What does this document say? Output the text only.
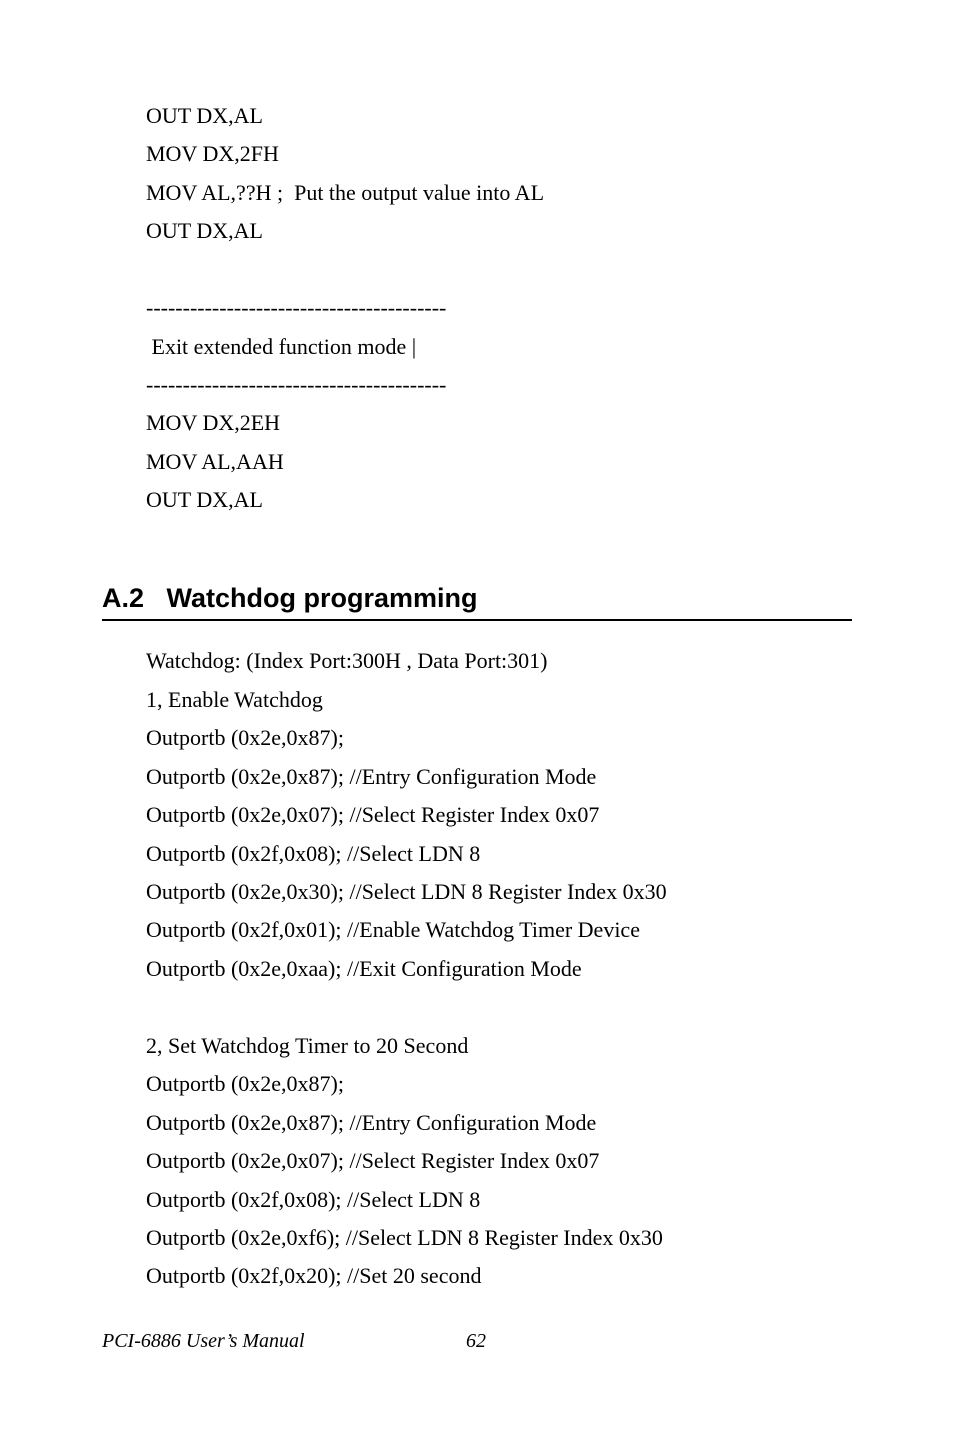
OUT DX,AL
MOV DX,2FH
MOV AL,??H ;  Put the output value into AL
OUT DX,AL
-----------------------------------------
Exit extended function mode |
-----------------------------------------
MOV DX,2EH
MOV AL,AAH
OUT DX,AL
A.2 Watchdog programming
Watchdog: (Index Port:300H , Data Port:301)
1, Enable Watchdog
Outportb (0x2e,0x87);
Outportb (0x2e,0x87); //Entry Configuration Mode
Outportb (0x2e,0x07); //Select Register Index 0x07
Outportb (0x2f,0x08); //Select LDN 8
Outportb (0x2e,0x30); //Select LDN 8 Register Index 0x30
Outportb (0x2f,0x01); //Enable Watchdog Timer Device
Outportb (0x2e,0xaa); //Exit Configuration Mode
2, Set Watchdog Timer to 20 Second
Outportb (0x2e,0x87);
Outportb (0x2e,0x87); //Entry Configuration Mode
Outportb (0x2e,0x07); //Select Register Index 0x07
Outportb (0x2f,0x08); //Select LDN 8
Outportb (0x2e,0xf6); //Select LDN 8 Register Index 0x30
Outportb (0x2f,0x20); //Set 20 second
PCI-6886 User’s Manual	62
